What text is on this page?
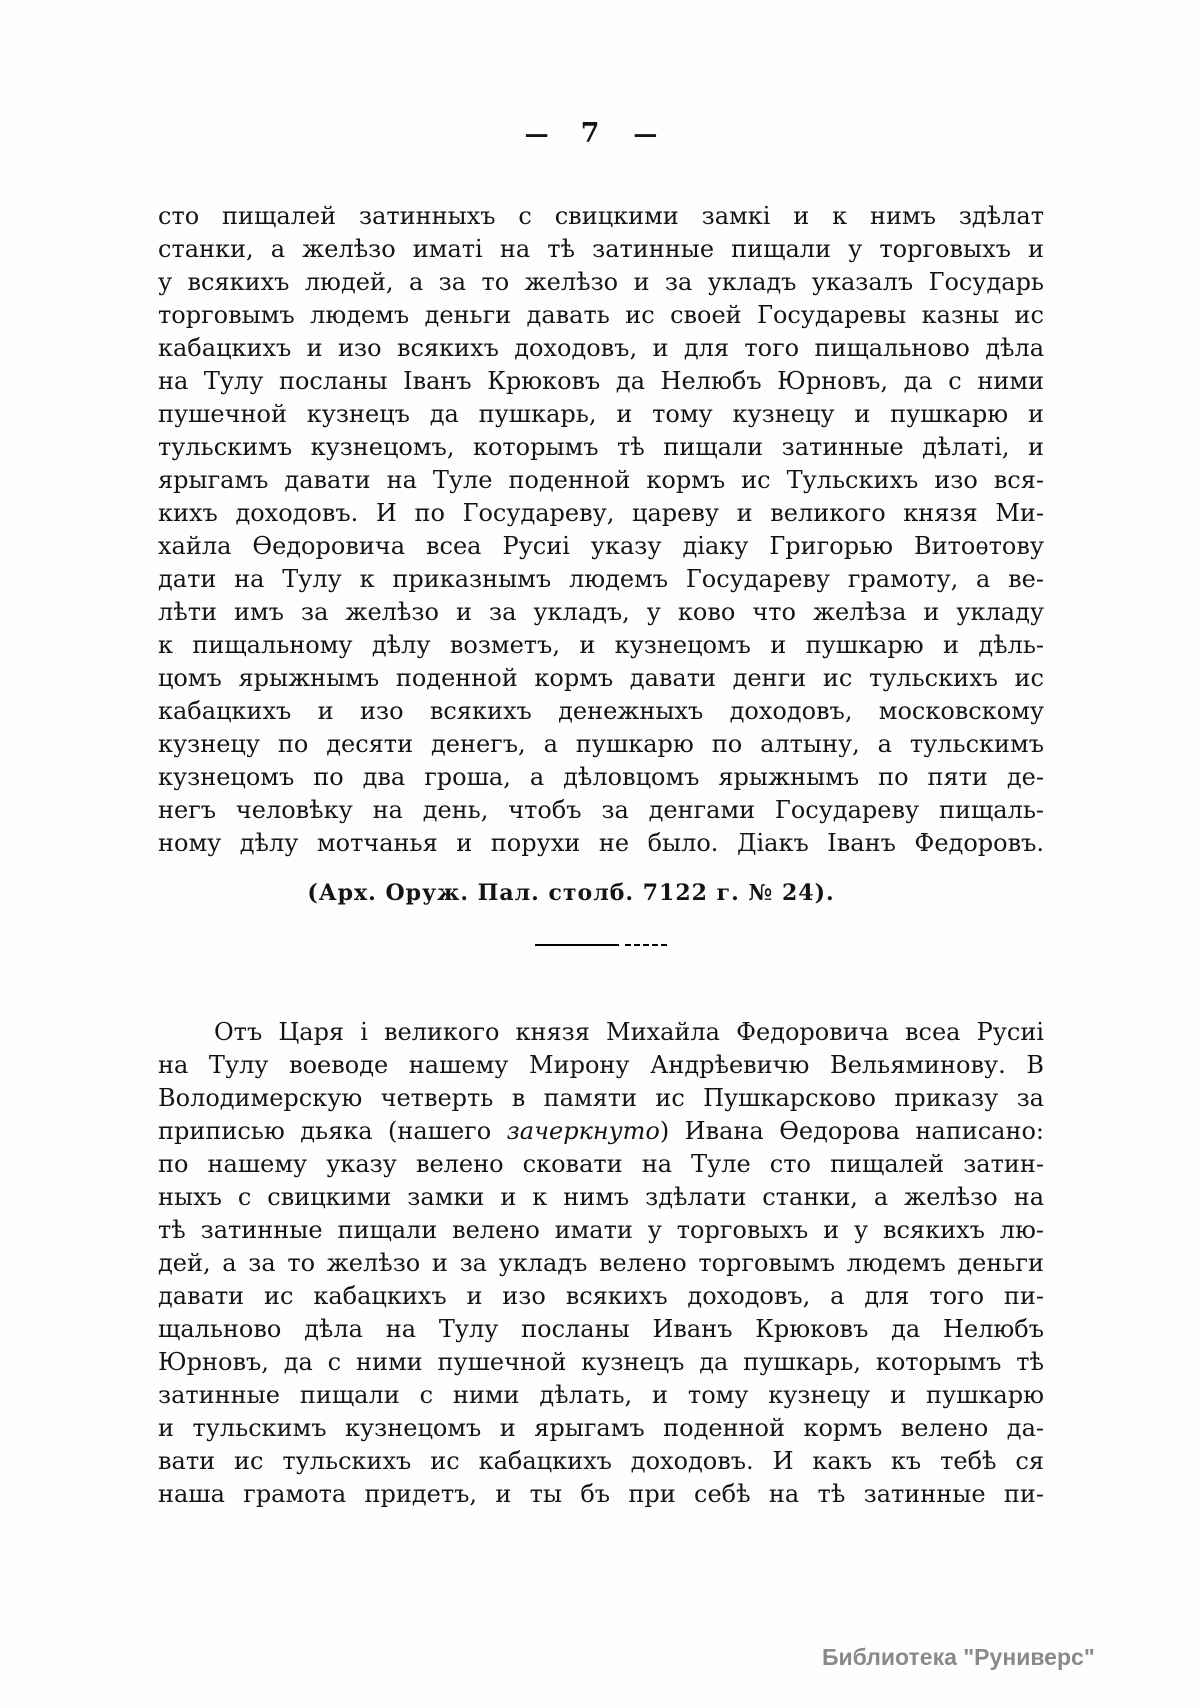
— 7 —
сто пищалей затинныхъ с свицкими замкі и к нимъ здѣлат
станки, а желѣзо иматі на тѣ затинные пищали у торговыхъ и
у всякихъ людей, а за то желѣзо и за укладъ указалъ Государь
торговымъ людемъ деньги давать ис своей Государевы казны ис
кабацкихъ и изо всякихъ доходовъ, и для того пищальново дѣла
на Тулу посланы Іванъ Крюковъ да Нелюбъ Юрновъ, да с ними
пушечной кузнецъ да пушкарь, и тому кузнецу и пушкарю и
тульскимъ кузнецомъ, которымъ тѣ пищали затинные дѣлаті, и
ярыгамъ давати на Туле поденной кормъ ис Тульскихъ изо вся-
кихъ доходовъ. И по Государеву, цареву и великого князя Ми-
хайла Ѳедоровича всеа Русиі указу діаку Григорью Витоѳтову
дати на Тулу к приказнымъ людемъ Государеву грамоту, а ве-
лѣти имъ за желѣзо и за укладъ, у ково что желѣза и укладу
к пищальному дѣлу возметъ, и кузнецомъ и пушкарю и дѣль-
цомъ ярыжнымъ поденной кормъ давати денги ис тульскихъ ис
кабацкихъ и изо всякихъ денежныхъ доходовъ, московскому
кузнецу по десяти денегъ, а пушкарю по алтыну, а тульскимъ
кузнецомъ по два гроша, а дѣловцомъ ярыжнымъ по пяти де-
негъ человѣку на день, чтобъ за денгами Государеву пищаль-
ному дѣлу мотчанья и порухи не было. Діакъ Іванъ Федоровъ.
(Арх. Оруж. Пал. столб. 7122 г. № 24).
Отъ Царя і великого князя Михайла Федоровича всеа Русиі
на Тулу воеводе нашему Мирону Андрѣевичю Вельяминову. В
Володимерскую четверть в памяти ис Пушкарсково приказу за
приписью дьяка (нашего зачеркнуто) Ивана Ѳедорова написано:
по нашему указу велено сковати на Туле сто пищалей затин-
ныхъ с свицкими замки и к нимъ здѣлати станки, а желѣзо на
тѣ затинные пищали велено имати у торговыхъ и у всякихъ лю-
дей, а за то желѣзо и за укладъ велено торговымъ людемъ деньги
давати ис кабацкихъ и изо всякихъ доходовъ, а для того пи-
щальново дѣла на Тулу посланы Иванъ Крюковъ да Нелюбъ
Юрновъ, да с ними пушечной кузнецъ да пушкарь, которымъ тѣ
затинные пищали с ними дѣлать, и тому кузнецу и пушкарю
и тульскимъ кузнецомъ и ярыгамъ поденной кормъ велено да-
вати ис тульскихъ ис кабацкихъ доходовъ. И какъ къ тебѣ ся
наша грамота придетъ, и ты бъ при себѣ на тѣ затинные пи-
Библиотека "Руниверс"
